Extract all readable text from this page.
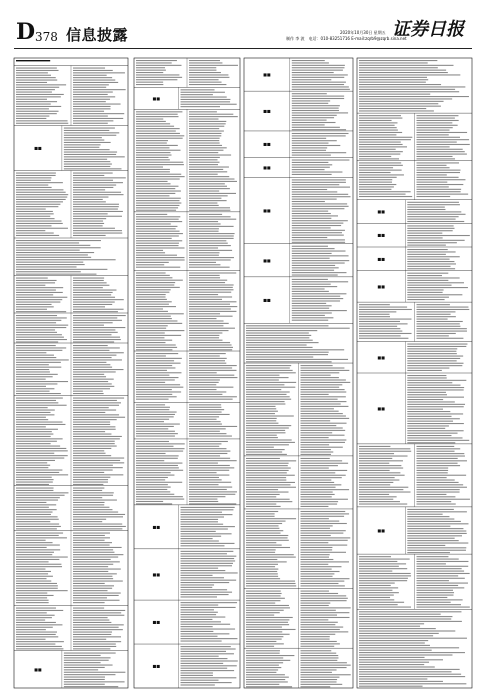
D 378 信息披露	2020年10月30日 星期五
制作 李 波　电话：010-83251716 E-mail:zqrb9@zqrb.sina.net
证券日报
■■
■■
■■
■■
■■
■■
■■
■■
■■
■■
■■
■■
■■
■■
■■
■■
■■
■■
■■
■■
■■
